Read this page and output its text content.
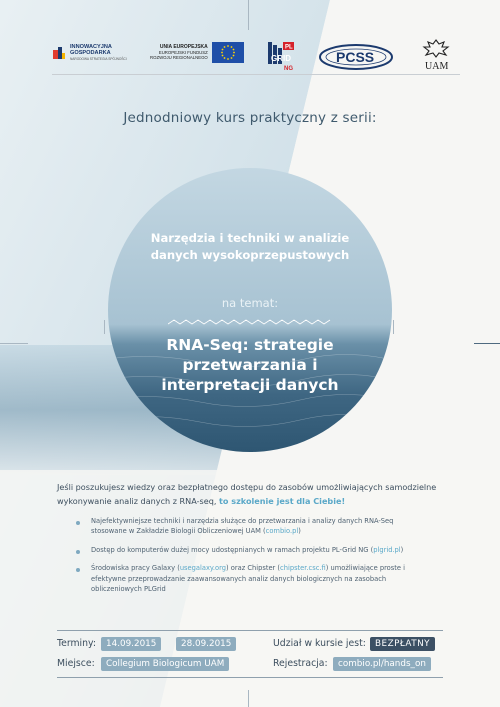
INNOWACYJNA
GOSPODARKA
NARODOWA STRATEGIA SPÓJNOŚCI
UNIA EUROPEJSKA
EUROPEJSKI FUNDUSZ
ROZWOJU REGIONALNEGO
PL
GRID
NG
PCSS
UAM
Jednodniowy kurs praktyczny z serii:
Narzędzia i techniki w analizie danych wysokoprzepustowych
na temat:
RNA-Seq: strategie przetwarzania i interpretacji danych
Jeśli poszukujesz wiedzy oraz bezpłatnego dostępu do zasobów umożliwiających samodzielne wykonywanie analiz danych z RNA-seq, to szkolenie jest dla Ciebie!
Najefektywniejsze techniki i narzędzia służące do przetwarzania i analizy danych RNA-Seq stosowane w Zakładzie Biologii Obliczeniowej UAM (combio.pl)
Dostęp do komputerów dużej mocy udostępnianych w ramach projektu PL-Grid NG (plgrid.pl)
Środowiska pracy Galaxy (usegalaxy.org) oraz Chipster (chipster.csc.fi) umożliwiające proste i efektywne przeprowadzanie zaawansowanych analiz danych biologicznych na zasobach obliczeniowych PLGrid
Terminy:	14.09.2015	28.09.2015	Udział w kursie jest:	BEZPŁATNY
Miejsce:	Collegium Biologicum UAM	Rejestracja:	combio.pl/hands_on
